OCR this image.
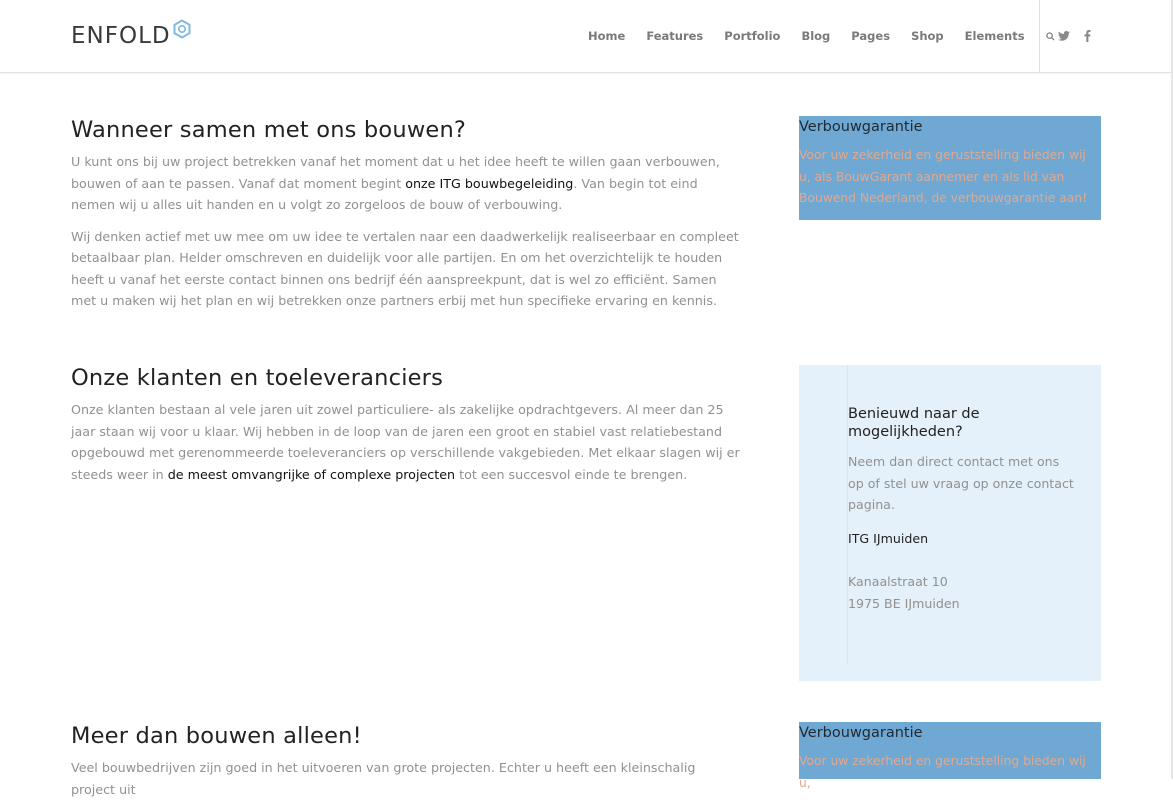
ENFOLD	Home Features Portfolio Blog Pages Shop Elements
Wanneer samen met ons bouwen?

U kunt ons bij uw project betrekken vanaf het moment dat u het idee heeft te willen gaan verbouwen, bouwen of aan te passen. Vanaf dat moment begint onze ITG bouwbegeleiding. Van begin tot eind nemen wij u alles uit handen en u volgt zo zorgeloos de bouw of verbouwing.

Wij denken actief met uw mee om uw idee te vertalen naar een daadwerkelijk realiseerbaar en compleet betaalbaar plan. Helder omschreven en duidelijk voor alle partijen. En om het overzichtelijk te houden heeft u vanaf het eerste contact binnen ons bedrijf één aanspreekpunt, dat is wel zo efficiënt. Samen met u maken wij het plan en wij betrekken onze partners erbij met hun specifieke ervaring en kennis.

Onze klanten en toeleveranciers

Onze klanten bestaan al vele jaren uit zowel particuliere- als zakelijke opdrachtgevers. Al meer dan 25 jaar staan wij voor u klaar. Wij hebben in de loop van de jaren een groot en stabiel vast relatiebestand opgebouwd met gerenommeerde toeleveranciers op verschillende vakgebieden. Met elkaar slagen wij er steeds weer in de meest omvangrijke of complexe projecten tot een succesvol einde te brengen.

Meer dan bouwen alleen!

Veel bouwbedrijven zijn goed in het uitvoeren van grote projecten. Echter u heeft een kleinschalig project uit

Verbouwgarantie
Voor uw zekerheid en geruststelling bieden wij u, als BouwGarant aannemer en als lid van Bouwend Nederland, de verbouwgarantie aan!
Benieuwd naar de mogelijkheden?
Neem dan direct contact met ons op of stel uw vraag op onze contact pagina.
ITG IJmuiden
Kanaalstraat 10
1975 BE IJmuiden
Verbouwgarantie
Voor uw zekerheid en geruststelling bieden wij u,
